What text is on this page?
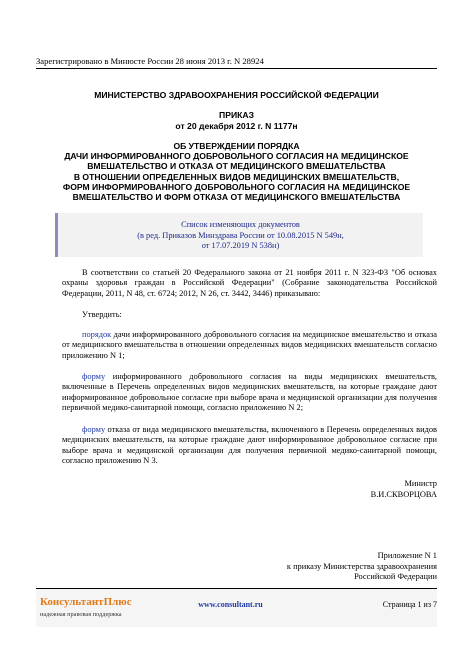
Зарегистрировано в Минюсте России 28 июня 2013 г. N 28924
МИНИСТЕРСТВО ЗДРАВООХРАНЕНИЯ РОССИЙСКОЙ ФЕДЕРАЦИИ
ПРИКАЗ
от 20 декабря 2012 г. N 1177н
ОБ УТВЕРЖДЕНИИ ПОРЯДКА
ДАЧИ ИНФОРМИРОВАННОГО ДОБРОВОЛЬНОГО СОГЛАСИЯ НА МЕДИЦИНСКОЕ
ВМЕШАТЕЛЬСТВО И ОТКАЗА ОТ МЕДИЦИНСКОГО ВМЕШАТЕЛЬСТВА
В ОТНОШЕНИИ ОПРЕДЕЛЕННЫХ ВИДОВ МЕДИЦИНСКИХ ВМЕШАТЕЛЬСТВ,
ФОРМ ИНФОРМИРОВАННОГО ДОБРОВОЛЬНОГО СОГЛАСИЯ НА МЕДИЦИНСКОЕ
ВМЕШАТЕЛЬСТВО И ФОРМ ОТКАЗА ОТ МЕДИЦИНСКОГО ВМЕШАТЕЛЬСТВА
Список изменяющих документов
(в ред. Приказов Минздрава России от 10.08.2015 N 549н,
от 17.07.2019 N 538н)
В соответствии со статьей 20 Федерального закона от 21 ноября 2011 г. N 323-ФЗ "Об основах охраны здоровья граждан в Российской Федерации" (Собрание законодательства Российской Федерации, 2011, N 48, ст. 6724; 2012, N 26, ст. 3442, 3446) приказываю:
Утвердить:
порядок дачи информированного добровольного согласия на медицинское вмешательство и отказа от медицинского вмешательства в отношении определенных видов медицинских вмешательств согласно приложению N 1;
форму информированного добровольного согласия на виды медицинских вмешательств, включенные в Перечень определенных видов медицинских вмешательств, на которые граждане дают информированное добровольное согласие при выборе врача и медицинской организации для получения первичной медико-санитарной помощи, согласно приложению N 2;
форму отказа от вида медицинского вмешательства, включенного в Перечень определенных видов медицинских вмешательств, на которые граждане дают информированное добровольное согласие при выборе врача и медицинской организации для получения первичной медико-санитарной помощи, согласно приложению N 3.
Министр
В.И.СКВОРЦОВА
Приложение N 1
к приказу Министерства здравоохранения
Российской Федерации
КонсультантПлюс
надежная правовая поддержка
www.consultant.ru	Страница 1 из 7
